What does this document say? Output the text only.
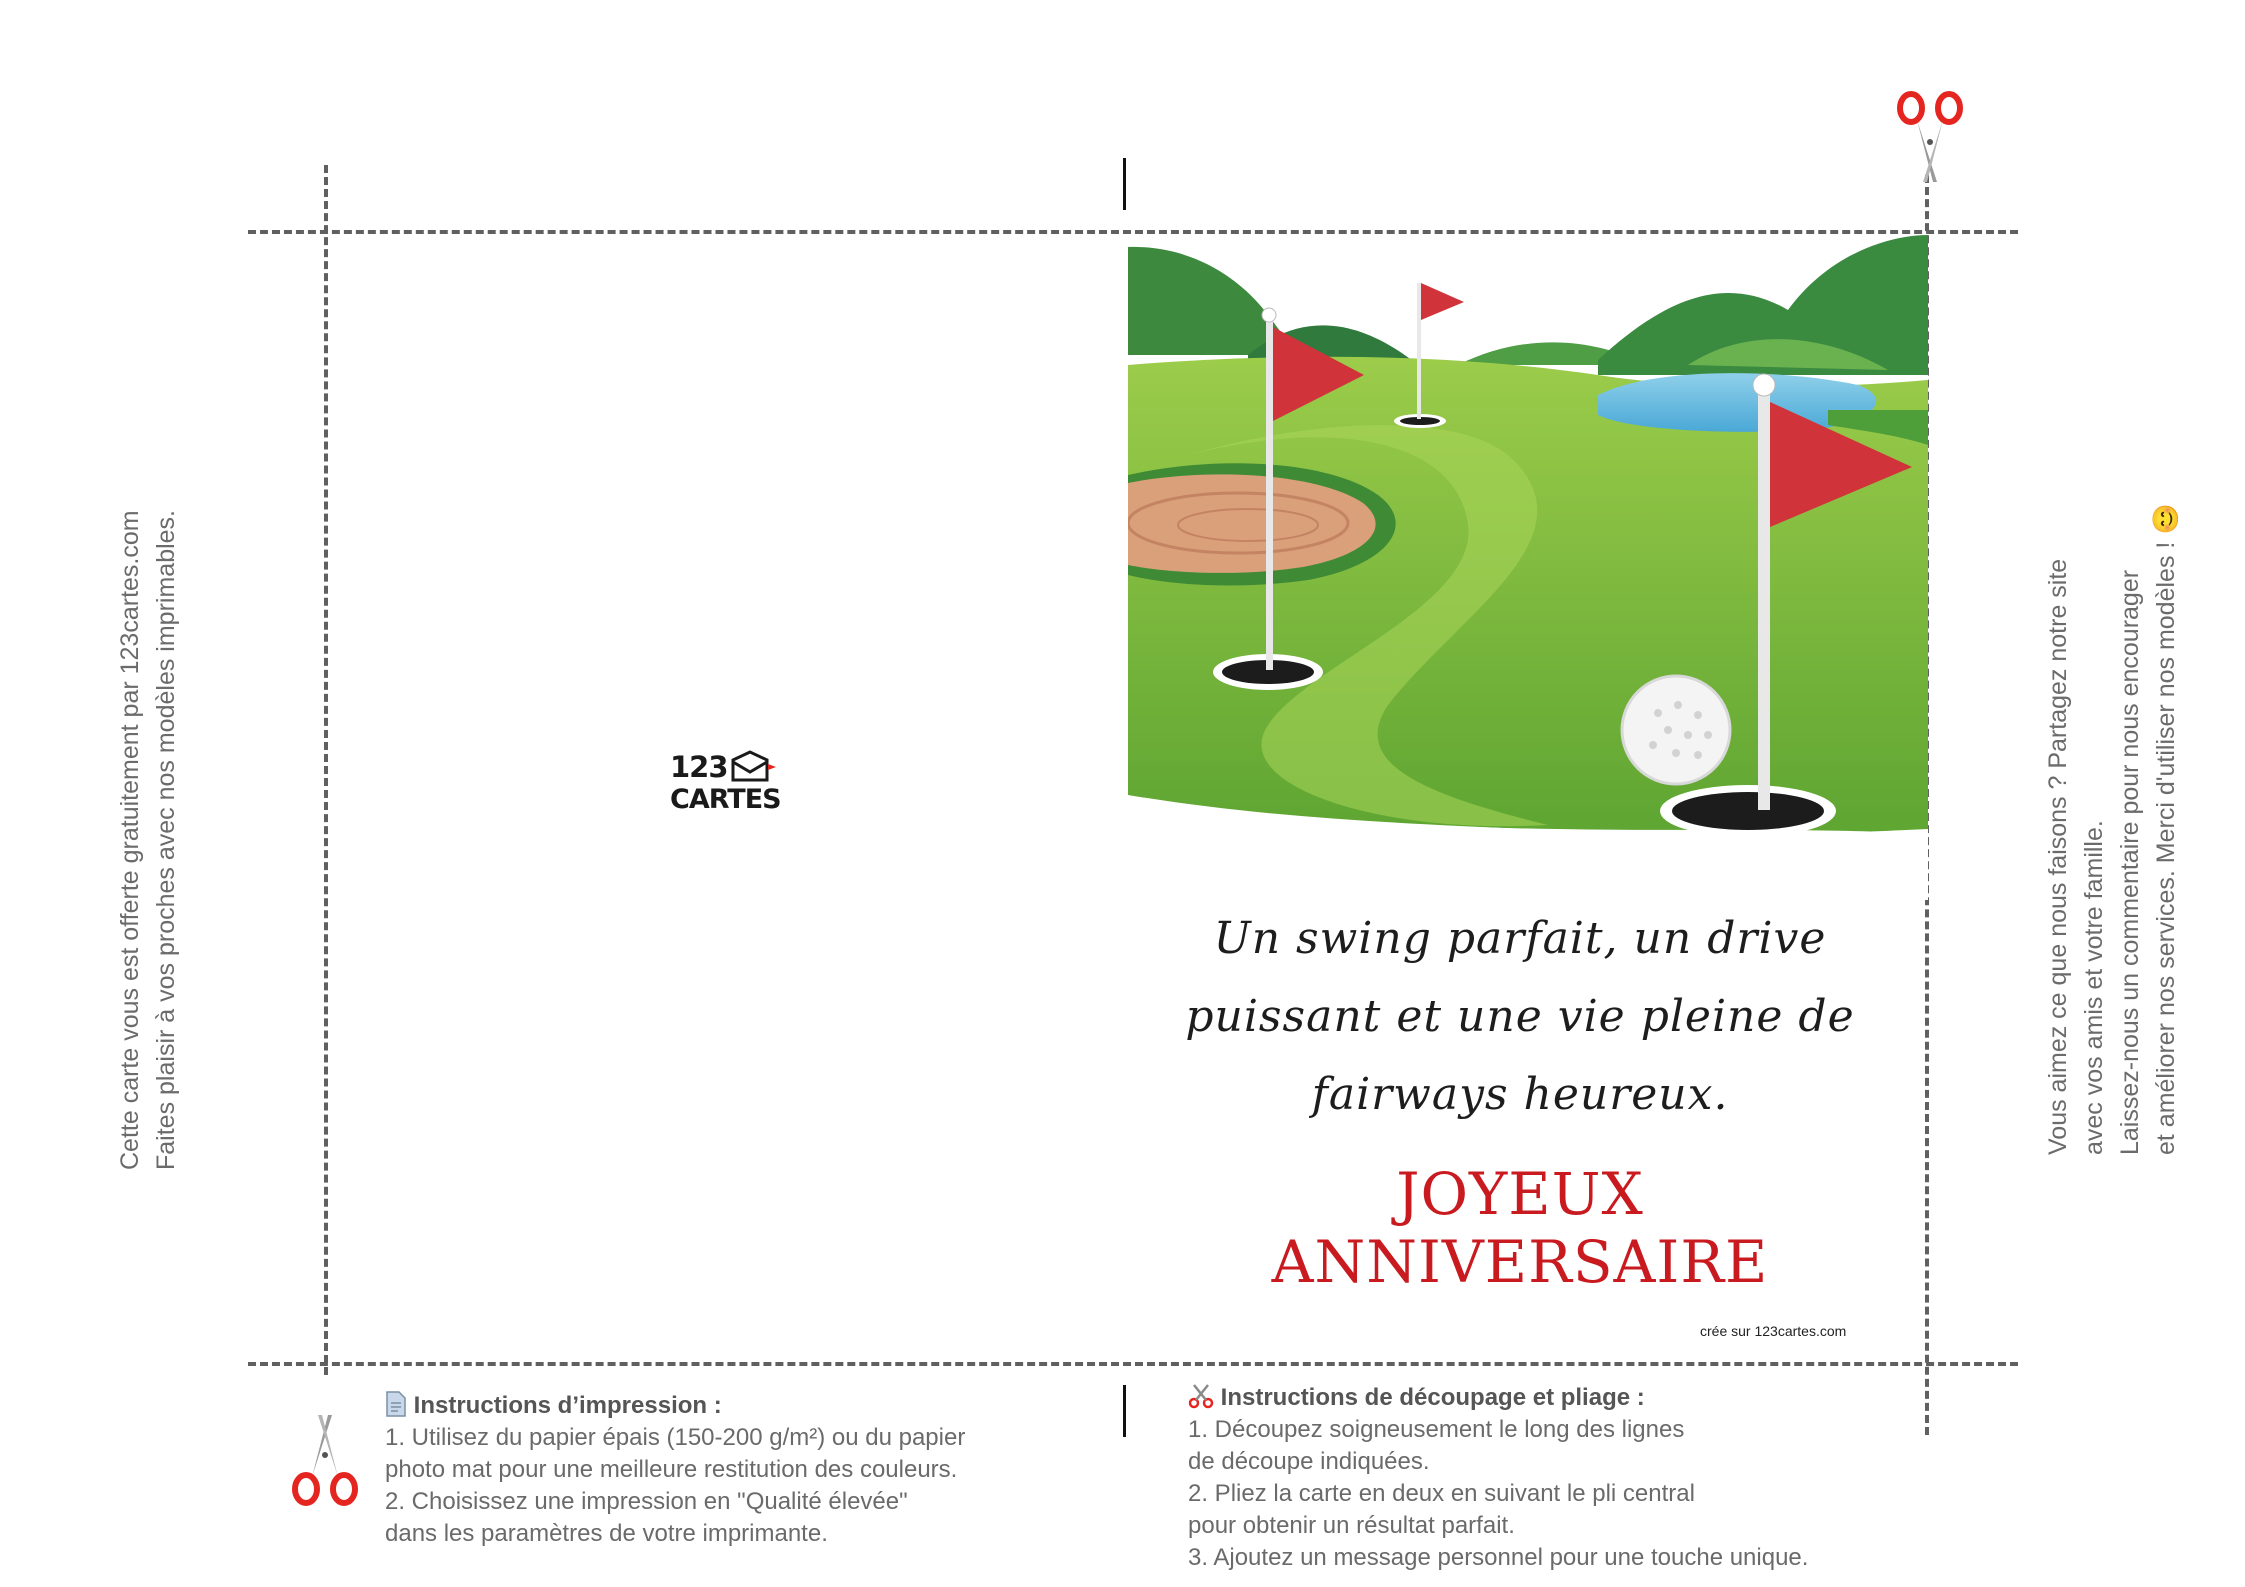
Cette carte vous est offerte gratuitement par 123cartes.com Faites plaisir à vos proches avec nos modèles imprimables.	Vous aimez ce que nous faisons ? Partagez notre site avec vos amis et votre famille. Laissez-nous un commentaire pour nous encourager et améliorer nos services. Merci d'utiliser nos modèles ! 😊
123
CARTES
Un swing parfait, un drive
puissant et une vie pleine de
fairways heureux.
JOYEUX
ANNIVERSAIRE
crée sur 123cartes.com
Instructions d’impression :
1. Utilisez du papier épais (150-200 g/m²) ou du papier
photo mat pour une meilleure restitution des couleurs.
2. Choisissez une impression en "Qualité élevée"
dans les paramètres de votre imprimante.
Instructions de découpage et pliage :
1. Découpez soigneusement le long des lignes
de découpe indiquées.
2. Pliez la carte en deux en suivant le pli central
pour obtenir un résultat parfait.
3. Ajoutez un message personnel pour une touche unique.
